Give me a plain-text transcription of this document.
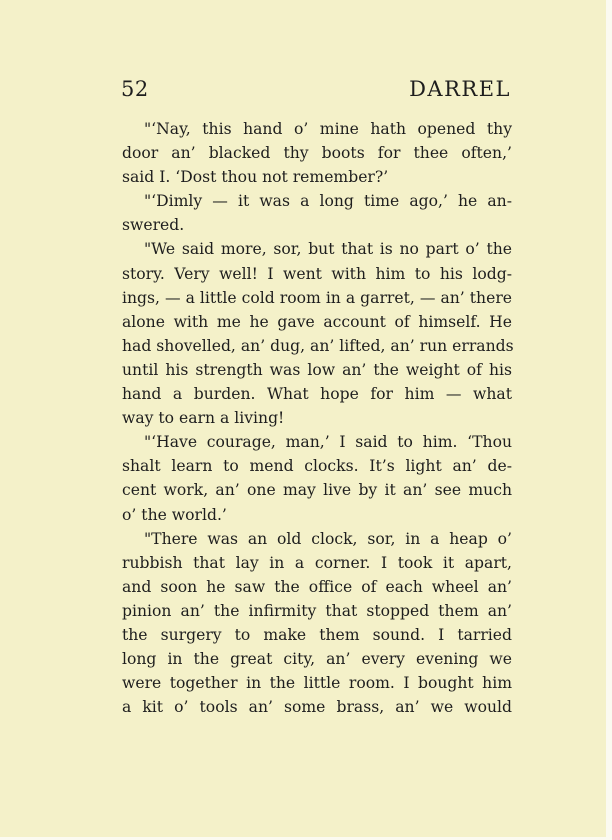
52	DARREL
"‘Nay, this hand o’ mine hath opened thy
door an’ blacked thy boots for thee often,’
said I. ‘Dost thou not remember?’
"‘Dimly — it was a long time ago,’ he an-
swered.
"We said more, sor, but that is no part o’ the
story. Very well! I went with him to his lodg-
ings, — a little cold room in a garret, — an’ there
alone with me he gave account of himself. He
had shovelled, an’ dug, an’ lifted, an’ run errands
until his strength was low an’ the weight of his
hand a burden. What hope for him — what
way to earn a living!
"‘Have courage, man,’ I said to him. ‘Thou
shalt learn to mend clocks. It’s light an’ de-
cent work, an’ one may live by it an’ see much
o’ the world.’
"There was an old clock, sor, in a heap o’
rubbish that lay in a corner. I took it apart,
and soon he saw the office of each wheel an’
pinion an’ the infirmity that stopped them an’
the surgery to make them sound. I tarried
long in the great city, an’ every evening we
were together in the little room. I bought him
a kit o’ tools an’ some brass, an’ we would
